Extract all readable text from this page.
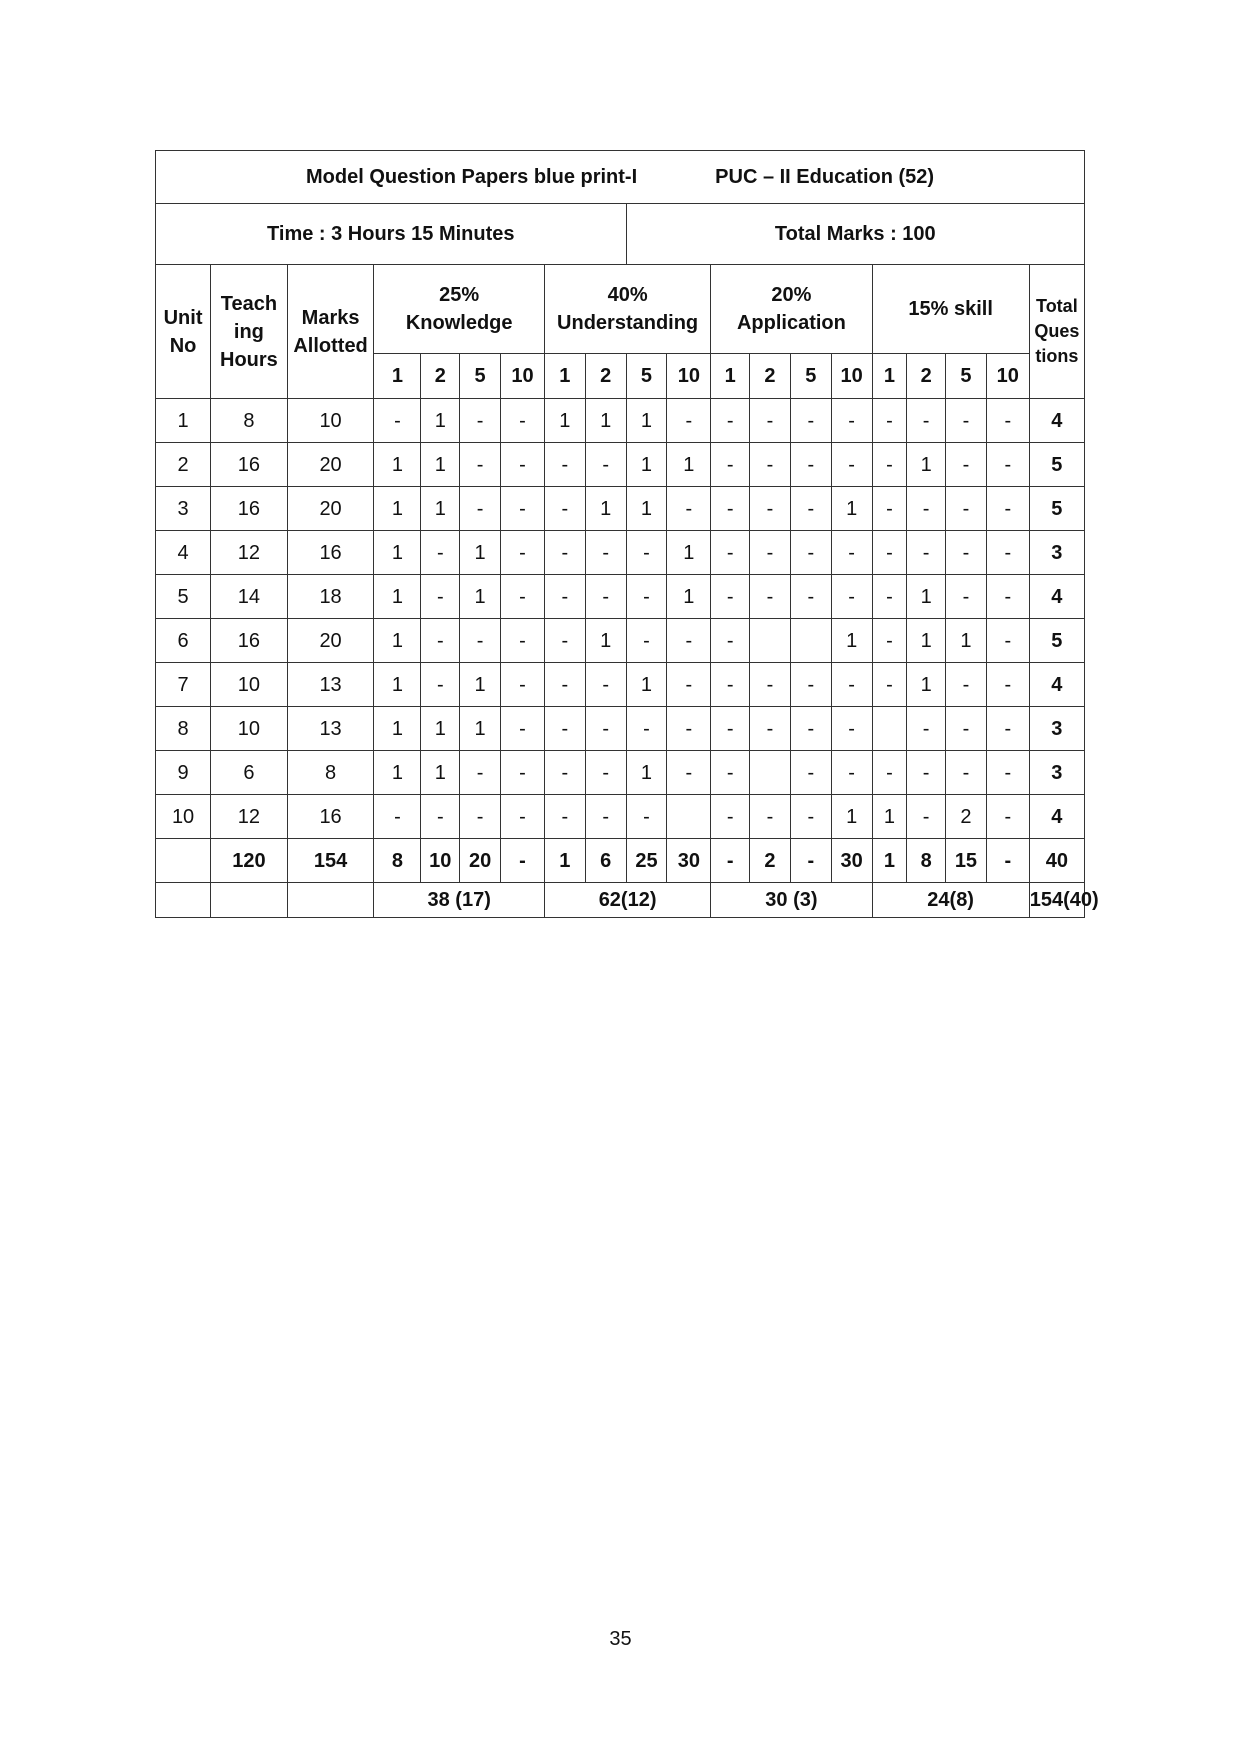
Model Question Papers blue print-I PUC – II Education (52)																			
Time : 3 Hours 15 Minutes									Total Marks : 100										
Unit
No	Teach
ing
Hours	Marks
Allotted	25%
Knowledge				40%
Understanding				20%
Application				15% skill				Total
Ques
tions
			1	2	5	10	1	2	5	10	1	2	5	10	1	2	5	10	
1	8	10	-	1	-	-	1	1	1	-	-	-	-	-	-	-	-	-	4
2	16	20	1	1	-	-	-	-	1	1	-	-	-	-	-	1	-	-	5
3	16	20	1	1	-	-	-	1	1	-	-	-	-	1	-	-	-	-	5
4	12	16	1	-	1	-	-	-	-	1	-	-	-	-	-	-	-	-	3
5	14	18	1	-	1	-	-	-	-	1	-	-	-	-	-	1	-	-	4
6	16	20	1	-	-	-	-	1	-	-	-			1	-	1	1	-	5
7	10	13	1	-	1	-	-	-	1	-	-	-	-	-	-	1	-	-	4
8	10	13	1	1	1	-	-	-	-	-	-	-	-	-		-	-	-	3
9	6	8	1	1	-	-	-	-	1	-	-		-	-	-	-	-	-	3
10	12	16	-	-	-	-	-	-	-		-	-	-	1	1	-	2	-	4
	120	154	8	10	20	-	1	6	25	30	-	2	-	30	1	8	15	-	40
			38 (17)				62(12)				30 (3)				24(8)				154(40)
35
